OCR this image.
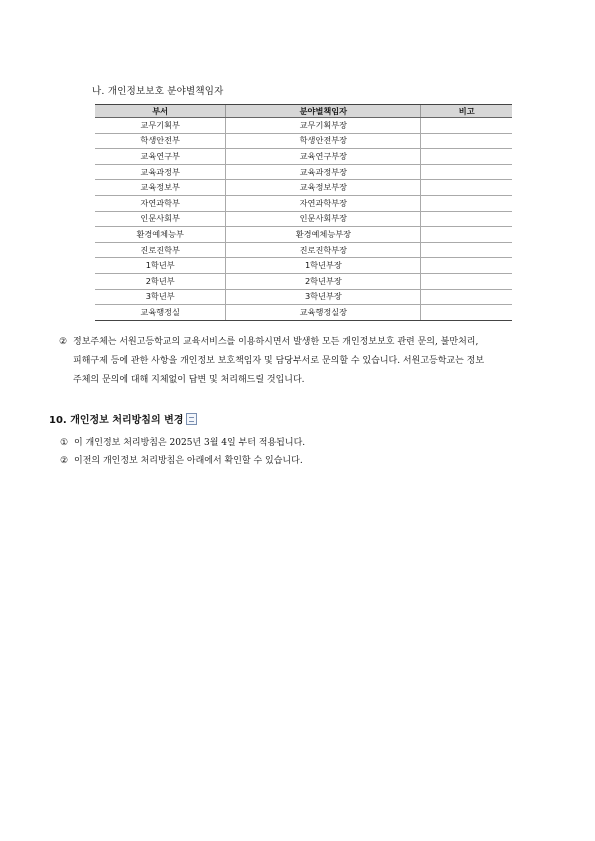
나. 개인정보보호 분야별책임자
부서	분야별책임자	비고
교무기획부	교무기획부장	
학생안전부	학생안전부장	
교육연구부	교육연구부장	
교육과정부	교육과정부장	
교육정보부	교육정보부장	
자연과학부	자연과학부장	
인문사회부	인문사회부장	
환경예체능부	환경예체능부장	
진로진학부	진로진학부장	
1학년부	1학년부장	
2학년부	2학년부장	
3학년부	3학년부장	
교육행정실	교육행정실장	
② 정보주체는 서원고등학교의 교육서비스를 이용하시면서 발생한 모든 개인정보보호 관련 문의, 불만처리,
피해구제 등에 관한 사항을 개인정보 보호책임자 및 담당부서로 문의할 수 있습니다. 서원고등학교는 정보
주체의 문의에 대해 지체없이 답변 및 처리해드릴 것입니다.
10. 개인정보 처리방침의 변경
① 이 개인정보 처리방침은 2025년 3월 4일 부터 적용됩니다.
② 이전의 개인정보 처리방침은 아래에서 확인할 수 있습니다.
